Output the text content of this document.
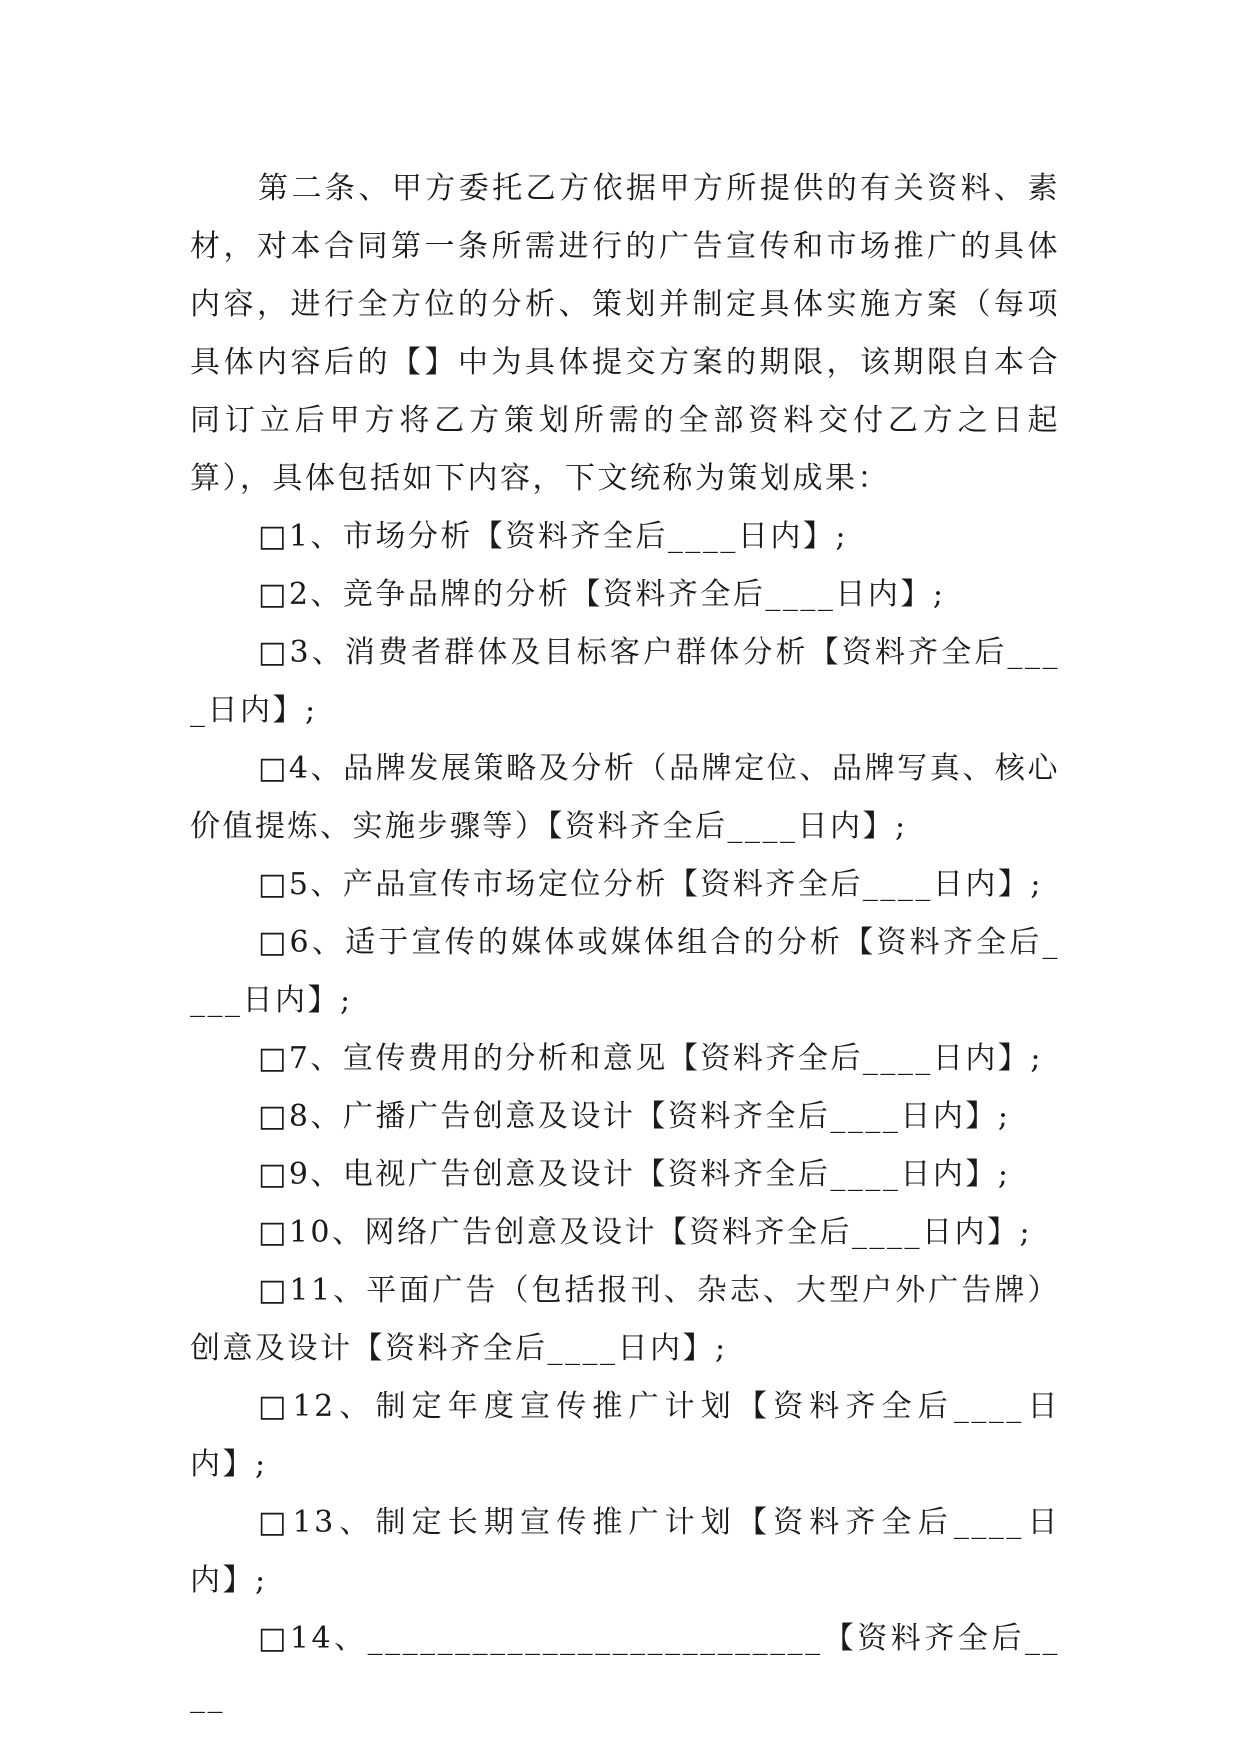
第二条、甲方委托乙方依据甲方所提供的有关资料、素材，对本合同第一条所需进行的广告宣传和市场推广的具体内容，进行全方位的分析、策划并制定具体实施方案（每项具体内容后的【】中为具体提交方案的期限，该期限自本合同订立后甲方将乙方策划所需的全部资料交付乙方之日起算），具体包括如下内容，下文统称为策划成果：

□1、市场分析【资料齐全后____日内】;

□2、竞争品牌的分析【资料齐全后____日内】;

□3、消费者群体及目标客户群体分析【资料齐全后____日内】;

□4、品牌发展策略及分析（品牌定位、品牌写真、核心价值提炼、实施步骤等）【资料齐全后____日内】;

□5、产品宣传市场定位分析【资料齐全后____日内】;

□6、适于宣传的媒体或媒体组合的分析【资料齐全后____日内】;

□7、宣传费用的分析和意见【资料齐全后____日内】;

□8、广播广告创意及设计【资料齐全后____日内】;

□9、电视广告创意及设计【资料齐全后____日内】;

□10、网络广告创意及设计【资料齐全后____日内】;

□11、平面广告（包括报刊、杂志、大型户外广告牌）创意及设计【资料齐全后____日内】;

□12、制定年度宣传推广计划【资料齐全后____日内】;

□13、制定长期宣传推广计划【资料齐全后____日内】;

□14、__________________________【资料齐全后____
